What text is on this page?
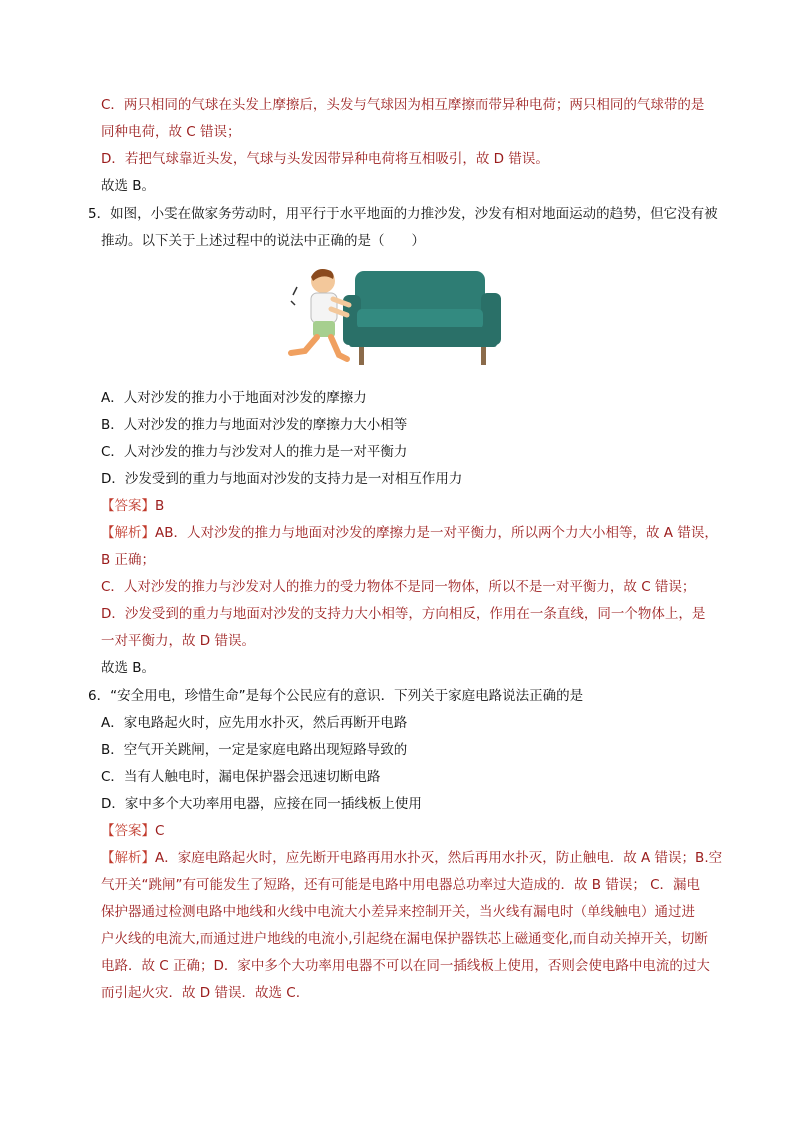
C．两只相同的气球在头发上摩擦后，头发与气球因为相互摩擦而带异种电荷；两只相同的气球带的是
同种电荷，故 C 错误；
D．若把气球靠近头发，气球与头发因带异种电荷将互相吸引，故 D 错误。
故选 B。
5．如图，小雯在做家务劳动时，用平行于水平地面的力推沙发，沙发有相对地面运动的趋势，但它没有被
推动。以下关于上述过程中的说法中正确的是（　　）
A．人对沙发的推力小于地面对沙发的摩擦力
B．人对沙发的推力与地面对沙发的摩擦力大小相等
C．人对沙发的推力与沙发对人的推力是一对平衡力
D．沙发受到的重力与地面对沙发的支持力是一对相互作用力
【答案】B
【解析】AB．人对沙发的推力与地面对沙发的摩擦力是一对平衡力，所以两个力大小相等，故 A 错误，
B 正确；
C．人对沙发的推力与沙发对人的推力的受力物体不是同一物体，所以不是一对平衡力，故 C 错误；
D．沙发受到的重力与地面对沙发的支持力大小相等，方向相反，作用在一条直线，同一个物体上，是
一对平衡力，故 D 错误。
故选 B。
6．“安全用电，珍惜生命”是每个公民应有的意识．下列关于家庭电路说法正确的是
A．家电路起火时，应先用水扑灭，然后再断开电路
B．空气开关跳闸，一定是家庭电路出现短路导致的
C．当有人触电时，漏电保护器会迅速切断电路
D．家中多个大功率用电器，应接在同一插线板上使用
【答案】C
【解析】A．家庭电路起火时，应先断开电路再用水扑灭，然后再用水扑灭，防止触电．故 A 错误；B.空
气开关“跳闸”有可能发生了短路，还有可能是电路中用电器总功率过大造成的．故 B 错误； C．漏电
保护器通过检测电路中地线和火线中电流大小差异来控制开关，当火线有漏电时（单线触电）通过进
户火线的电流大,而通过进户地线的电流小,引起绕在漏电保护器铁芯上磁通变化,而自动关掉开关，切断
电路．故 C 正确；D．家中多个大功率用电器不可以在同一插线板上使用，否则会使电路中电流的过大
而引起火灾．故 D 错误．故选 C.
